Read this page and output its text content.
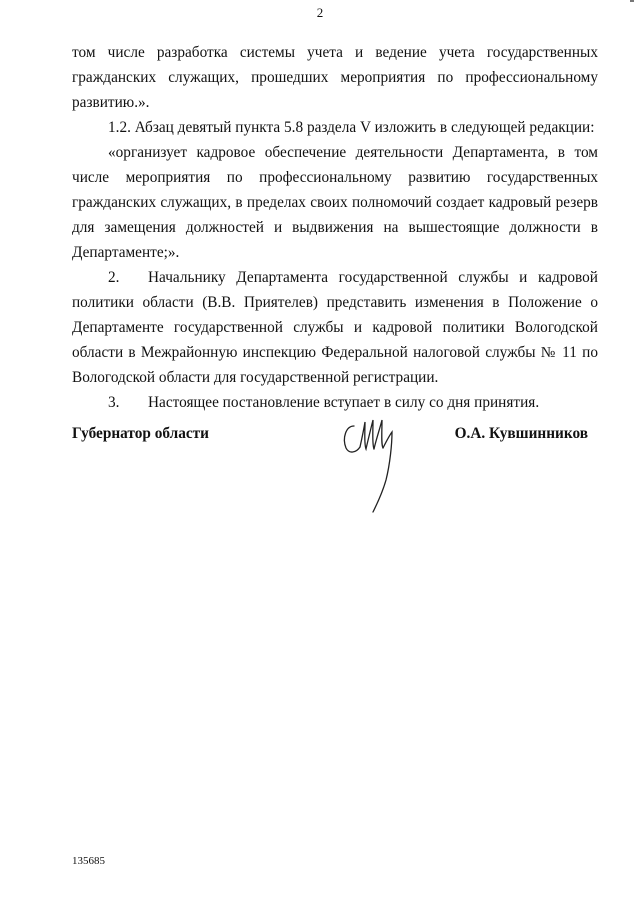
2

том числе разработка системы учета и ведение учета государственных гражданских служащих, прошедших мероприятия по профессиональному развитию.».

1.2. Абзац девятый пункта 5.8 раздела V изложить в следующей редакции:

«организует кадровое обеспечение деятельности Департамента, в том числе мероприятия по профессиональному развитию государственных гражданских служащих, в пределах своих полномочий создает кадровый резерв для замещения должностей и выдвижения на вышестоящие должности в Департаменте;».

2. Начальнику Департамента государственной службы и кадровой политики области (В.В. Приятелев) представить изменения в Положение о Департаменте государственной службы и кадровой политики Вологодской области в Межрайонную инспекцию Федеральной налоговой службы № 11 по Вологодской области для государственной регистрации.

3. Настоящее постановление вступает в силу со дня принятия.

Губернатор области	О.А. Кувшинников
135685
